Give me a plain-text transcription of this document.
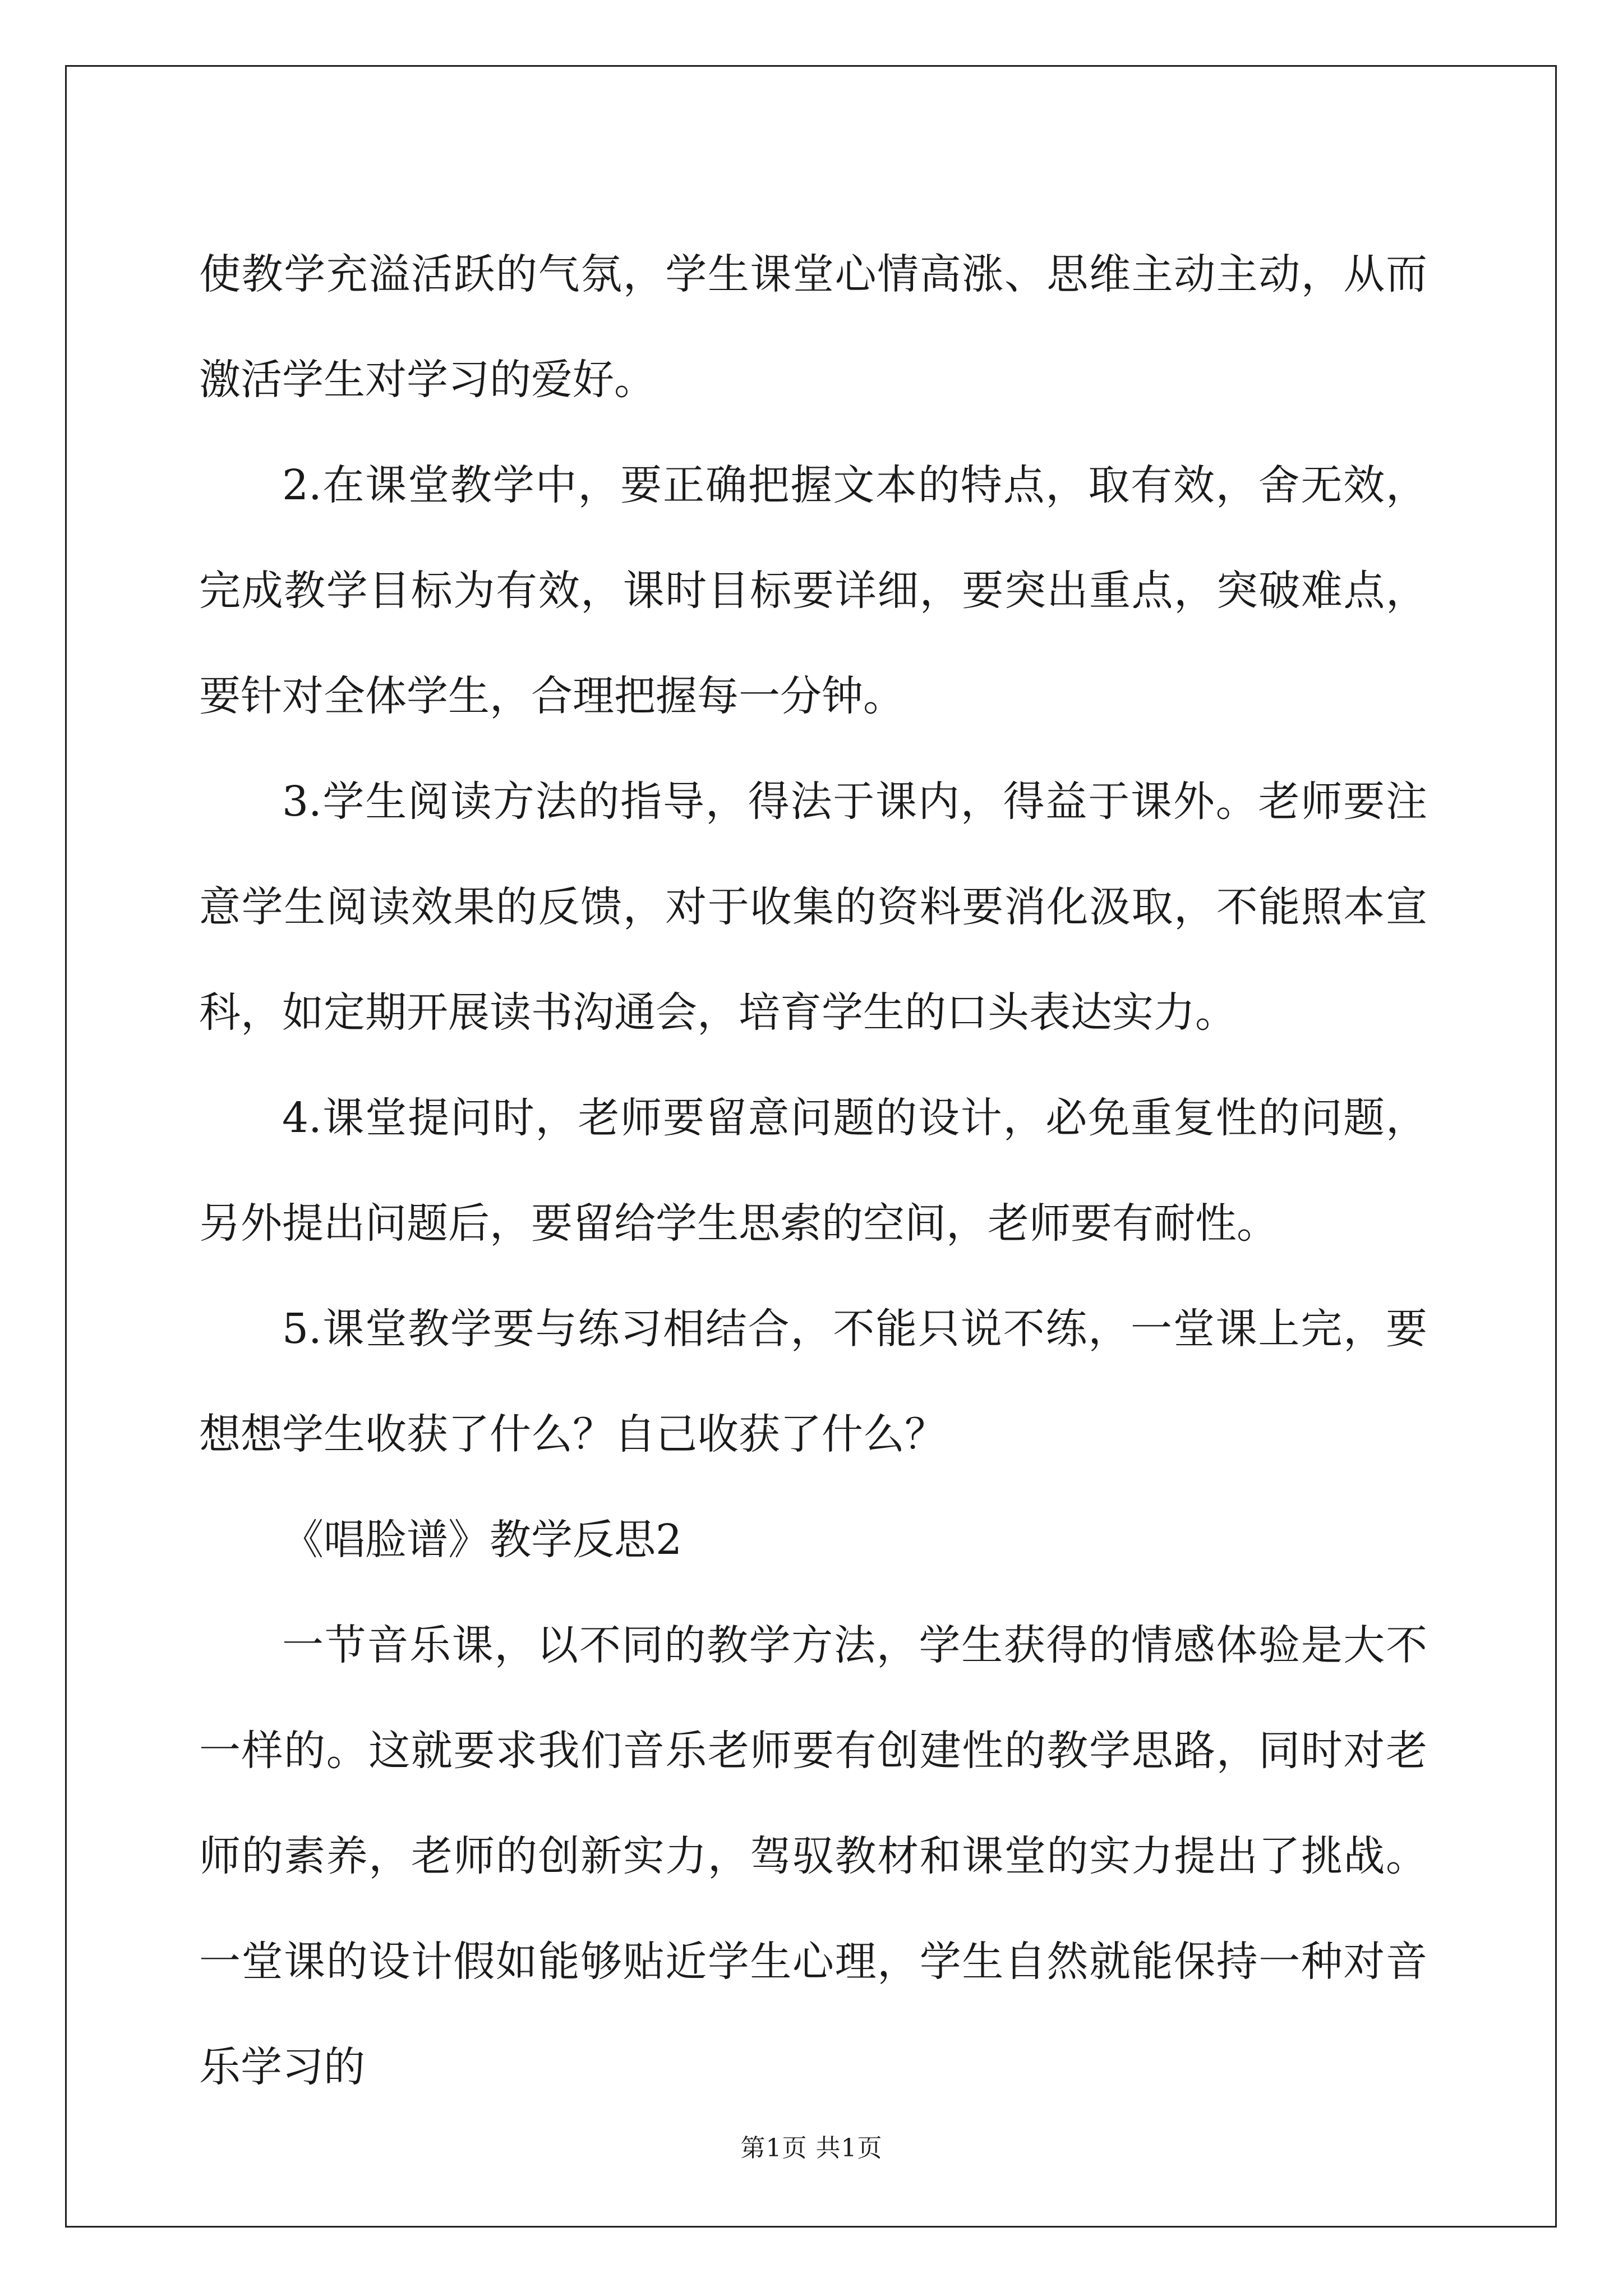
使教学充溢活跃的气氛，学生课堂心情高涨、思维主动主动，从而激活学生对学习的爱好。

2.在课堂教学中，要正确把握文本的特点，取有效，舍无效，完成教学目标为有效，课时目标要详细，要突出重点，突破难点，要针对全体学生，合理把握每一分钟。

3.学生阅读方法的指导，得法于课内，得益于课外。老师要注意学生阅读效果的反馈，对于收集的资料要消化汲取，不能照本宣科，如定期开展读书沟通会，培育学生的口头表达实力。

4.课堂提问时，老师要留意问题的设计，必免重复性的问题，另外提出问题后，要留给学生思索的空间，老师要有耐性。

5.课堂教学要与练习相结合，不能只说不练，一堂课上完，要想想学生收获了什么？自己收获了什么？

《唱脸谱》教学反思2

一节音乐课，以不同的教学方法，学生获得的情感体验是大不一样的。这就要求我们音乐老师要有创建性的教学思路，同时对老师的素养，老师的创新实力，驾驭教材和课堂的实力提出了挑战。一堂课的设计假如能够贴近学生心理，学生自然就能保持一种对音乐学习的

第1页 共1页
